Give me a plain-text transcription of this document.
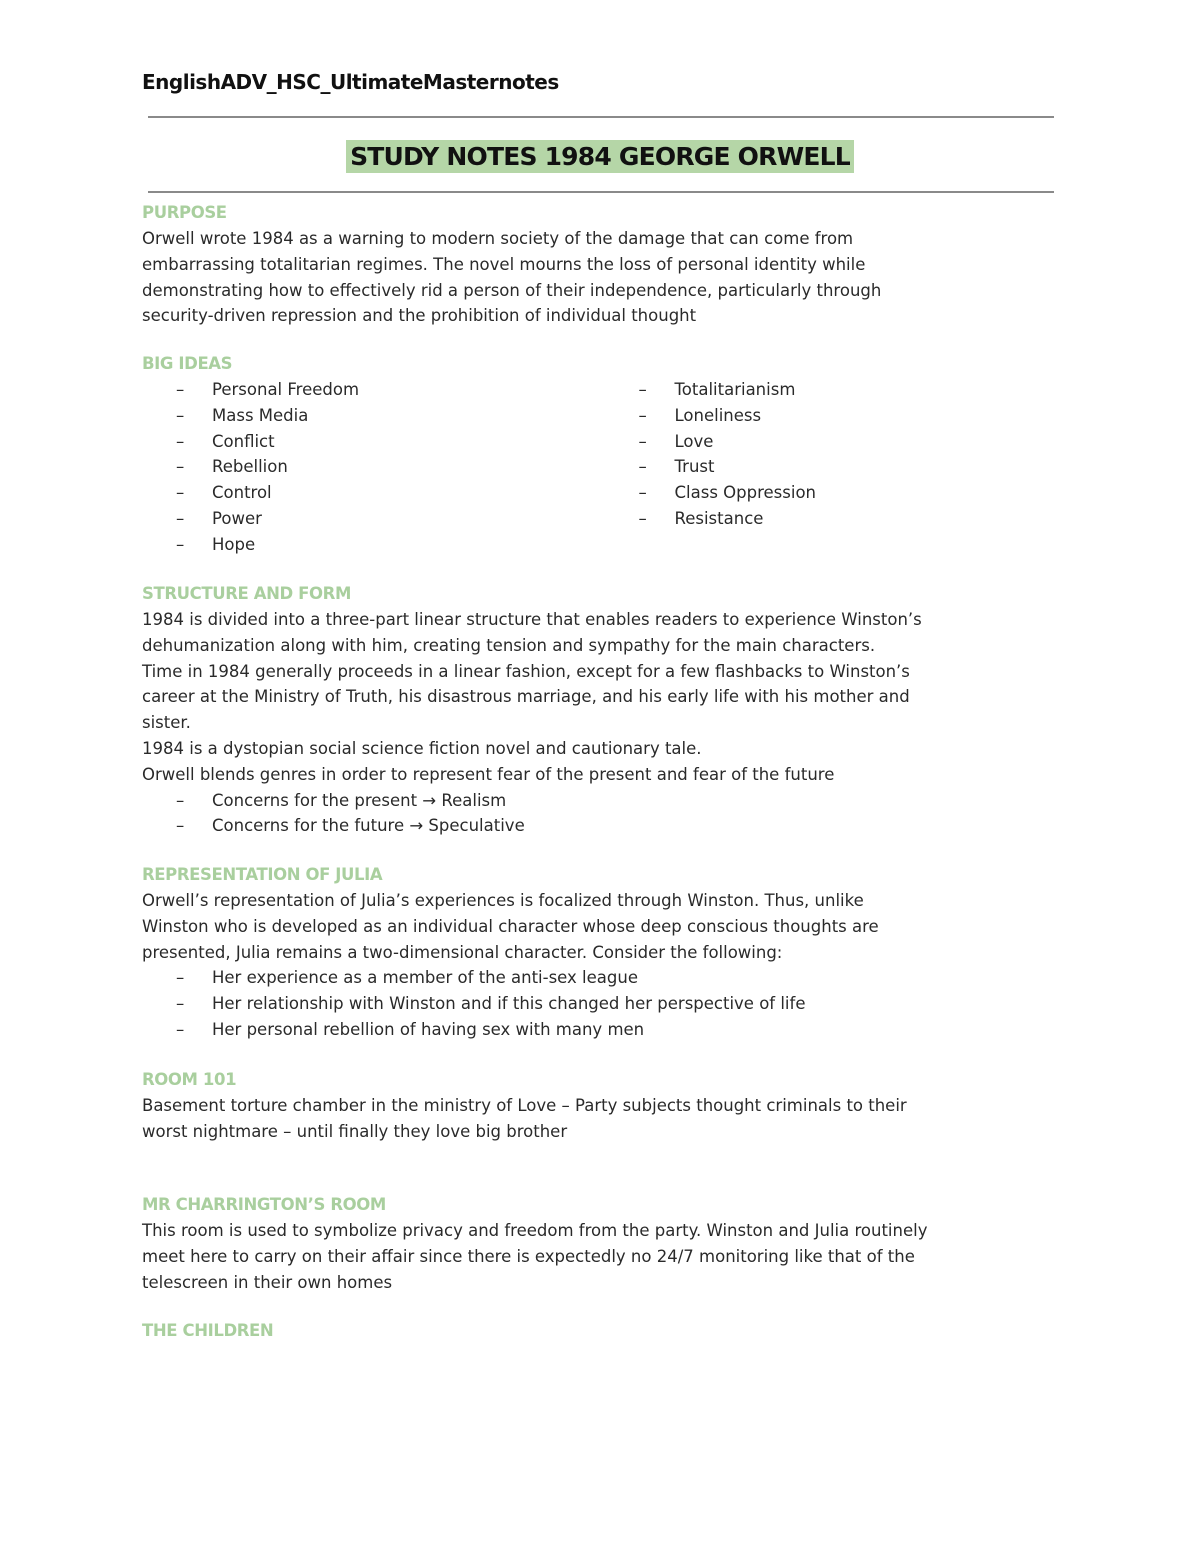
EnglishADV_HSC_UltimateMasternotes
STUDY NOTES 1984 GEORGE ORWELL
PURPOSE
Orwell wrote 1984 as a warning to modern society of the damage that can come from
embarrassing totalitarian regimes. The novel mourns the loss of personal identity while
demonstrating how to effectively rid a person of their independence, particularly through
security-driven repression and the prohibition of individual thought
BIG IDEAS
– Personal Freedom
– Mass Media
– Conflict
– Rebellion
– Control
– Power
– Hope
– Totalitarianism
– Loneliness
– Love
– Trust
– Class Oppression
– Resistance
STRUCTURE AND FORM
1984 is divided into a three-part linear structure that enables readers to experience Winston’s
dehumanization along with him, creating tension and sympathy for the main characters.
Time in 1984 generally proceeds in a linear fashion, except for a few flashbacks to Winston’s
career at the Ministry of Truth, his disastrous marriage, and his early life with his mother and
sister.
1984 is a dystopian social science fiction novel and cautionary tale.
Orwell blends genres in order to represent fear of the present and fear of the future
– Concerns for the present → Realism
– Concerns for the future → Speculative
REPRESENTATION OF JULIA
Orwell’s representation of Julia’s experiences is focalized through Winston. Thus, unlike
Winston who is developed as an individual character whose deep conscious thoughts are
presented, Julia remains a two-dimensional character. Consider the following:
– Her experience as a member of the anti-sex league
– Her relationship with Winston and if this changed her perspective of life
– Her personal rebellion of having sex with many men
ROOM 101
Basement torture chamber in the ministry of Love – Party subjects thought criminals to their
worst nightmare – until finally they love big brother
MR CHARRINGTON’S ROOM
This room is used to symbolize privacy and freedom from the party. Winston and Julia routinely
meet here to carry on their affair since there is expectedly no 24/7 monitoring like that of the
telescreen in their own homes
THE CHILDREN
